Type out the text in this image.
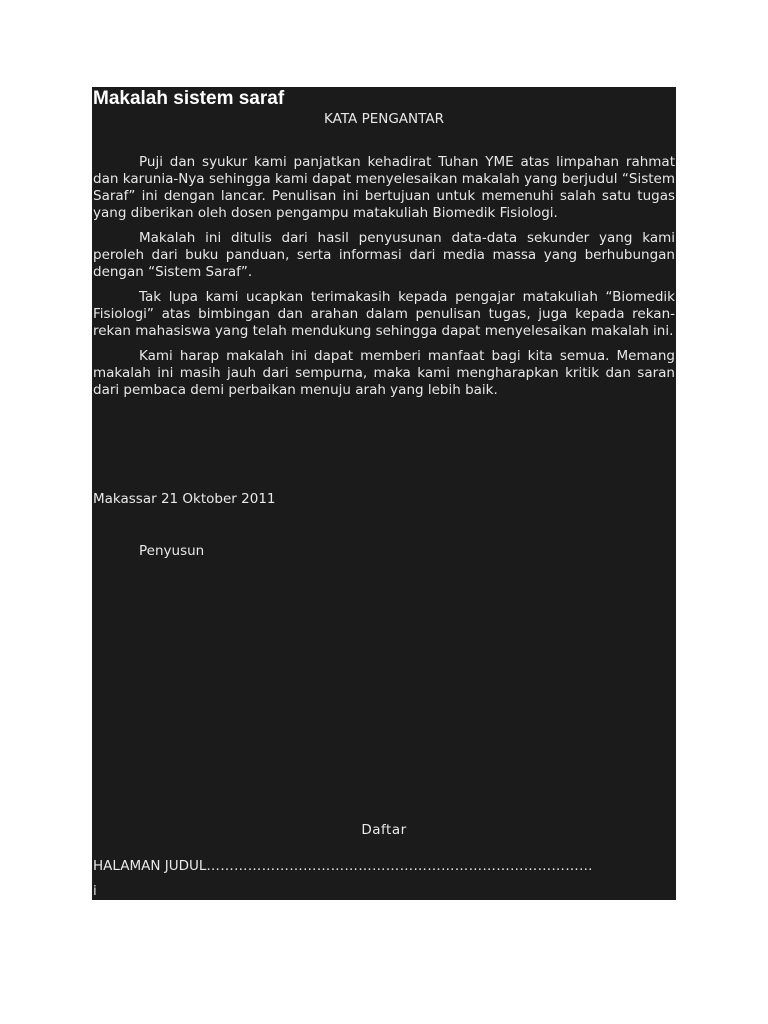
Makalah sistem saraf
KATA PENGANTAR

Puji dan syukur kami panjatkan kehadirat Tuhan YME atas limpahan rahmat dan karunia-Nya sehingga kami dapat menyelesaikan makalah yang berjudul “Sistem Saraf” ini dengan lancar. Penulisan ini bertujuan untuk memenuhi salah satu tugas yang diberikan oleh dosen pengampu matakuliah Biomedik Fisiologi.

Makalah ini ditulis dari hasil penyusunan data-data sekunder yang kami peroleh dari buku panduan, serta informasi dari media massa yang berhubungan dengan “Sistem Saraf”.

Tak lupa kami ucapkan terimakasih kepada pengajar matakuliah “Biomedik Fisiologi” atas bimbingan dan arahan dalam penulisan tugas, juga kepada rekan-rekan mahasiswa yang telah mendukung sehingga dapat menyelesaikan makalah ini.

Kami harap makalah ini dapat memberi manfaat bagi kita semua. Memang makalah ini masih jauh dari sempurna, maka kami mengharapkan kritik dan saran dari pembaca demi perbaikan menuju arah yang lebih baik.

Makassar 21 Oktober 2011
Penyusun
Daftar
HALAMAN JUDUL…………………………………………………………………………
i
